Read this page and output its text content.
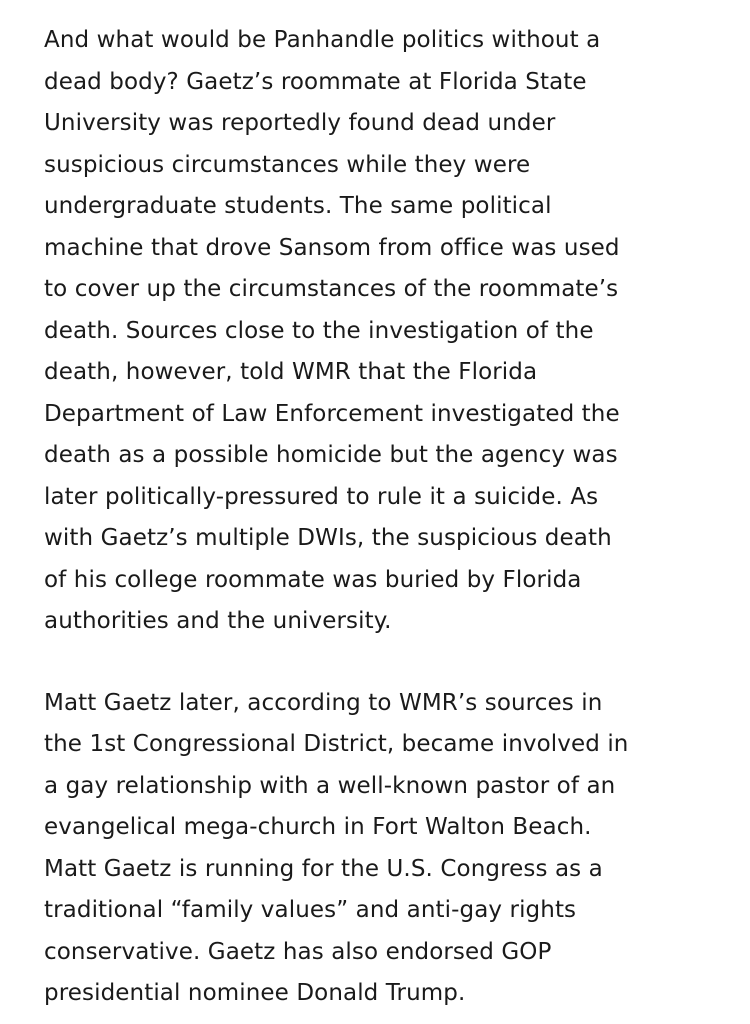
And what would be Panhandle politics without a
dead body? Gaetz’s roommate at Florida State
University was reportedly found dead under
suspicious circumstances while they were
undergraduate students. The same political
machine that drove Sansom from office was used
to cover up the circumstances of the roommate’s
death. Sources close to the investigation of the
death, however, told WMR that the Florida
Department of Law Enforcement investigated the
death as a possible homicide but the agency was
later politically-pressured to rule it a suicide. As
with Gaetz’s multiple DWIs, the suspicious death
of his college roommate was buried by Florida
authorities and the university.

Matt Gaetz later, according to WMR’s sources in
the 1st Congressional District, became involved in
a gay relationship with a well-known pastor of an
evangelical mega-church in Fort Walton Beach.
Matt Gaetz is running for the U.S. Congress as a
traditional “family values” and anti-gay rights
conservative. Gaetz has also endorsed GOP
presidential nominee Donald Trump.
